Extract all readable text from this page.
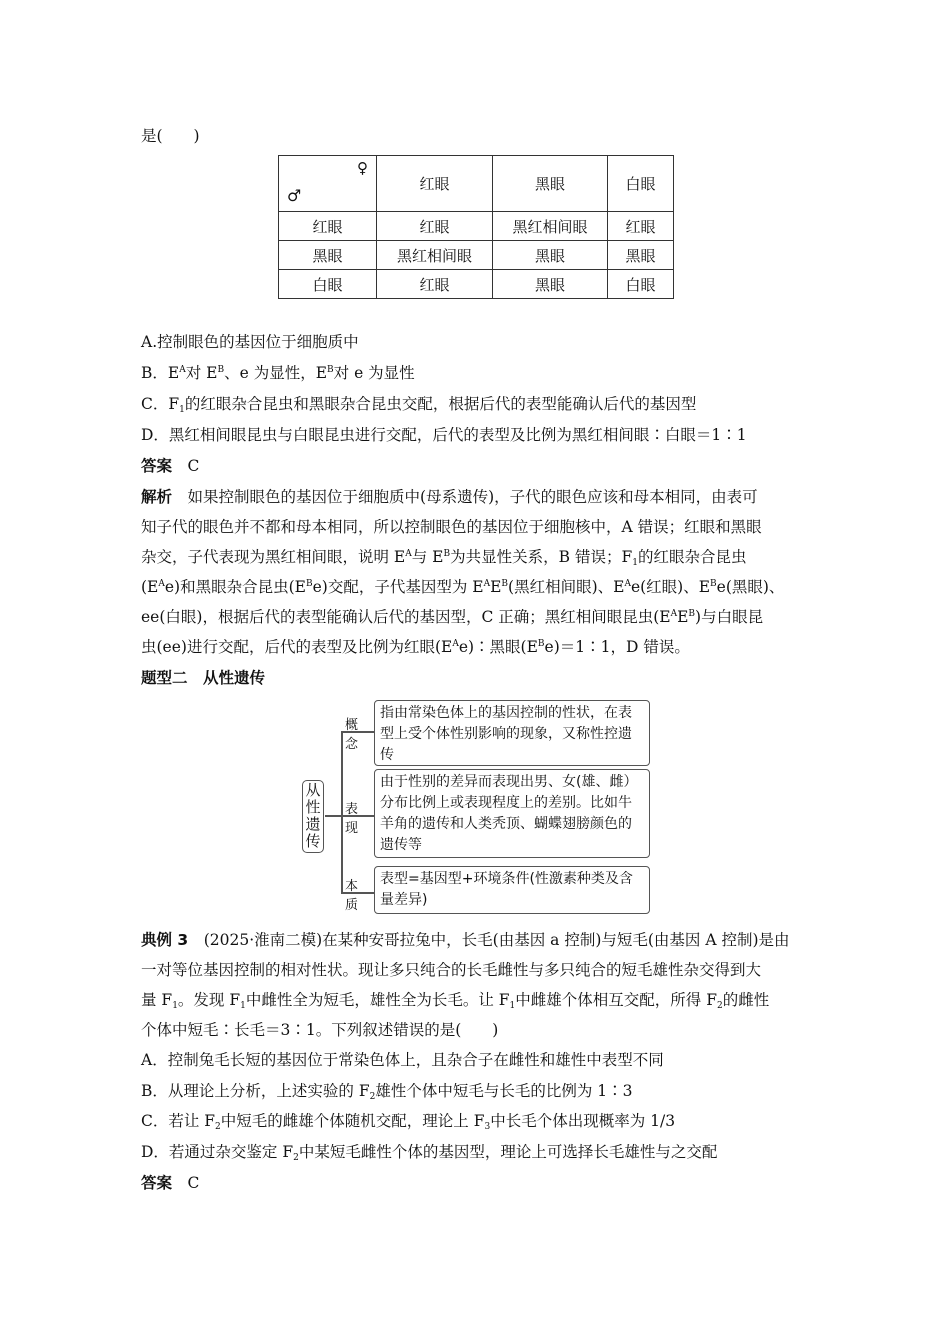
是(　　)
♀
♂	红眼	黑眼	白眼
红眼	红眼	黑红相间眼	红眼
黑眼	黑红相间眼	黑眼	黑眼
白眼	红眼	黑眼	白眼
A.控制眼色的基因位于细胞质中
B．$E^A$对 $E^B$、e 为显性，$E^B$对 e 为显性
C．$F_1$的红眼杂合昆虫和黑眼杂合昆虫交配，根据后代的表型能确认后代的基因型
D．黑红相间眼昆虫与白眼昆虫进行交配，后代的表型及比例为黑红相间眼∶白眼＝1∶1
答案　 C
解析　 如果控制眼色的基因位于细胞质中(母系遗传)，子代的眼色应该和母本相同，由表可
知子代的眼色并不都和母本相同，所以控制眼色的基因位于细胞核中，A 错误；红眼和黑眼
杂交，子代表现为黑红相间眼，说明 $E^A$与 $E^B$为共显性关系，B 错误；$F_1$的红眼杂合昆虫
$(E^Ae)$和黑眼杂合昆虫$(E^Be)$交配，子代基因型为 $E^AE^B$(黑红相间眼)、$E^Ae$(红眼)、$E^Be$(黑眼)、
ee(白眼)，根据后代的表型能确认后代的基因型，C 正确；黑红相间眼昆虫$(E^AE^B)$与白眼昆
虫(ee)进行交配，后代的表型及比例为红眼$(E^Ae)∶$黑眼$(E^Be)=1∶1$，D 错误。
题型二　从性遗传
从
性
遗
传
概念
表现
本质
指由常染色体上的基因控制的性状，在表型上受个体性别影响的现象，又称性控遗传
由于性别的差异而表现出男、女(雄、雌）分布比例上或表现程度上的差别。比如牛羊角的遗传和人类秃顶、蝴蝶翅膀颜色的遗传等
表型=基因型+环境条件(性激素种类及含量差异)
典例 3　 (2025·淮南二模)在某种安哥拉兔中，长毛(由基因 a 控制)与短毛(由基因 A 控制)是由
一对等位基因控制的相对性状。现让多只纯合的长毛雌性与多只纯合的短毛雄性杂交得到大
量 $F_1$。发现 $F_1$中雌性全为短毛，雄性全为长毛。让 $F_1$中雌雄个体相互交配，所得 $F_2$的雌性
个体中短毛∶长毛＝3∶1。下列叙述错误的是(　　)
A．控制兔毛长短的基因位于常染色体上，且杂合子在雌性和雄性中表型不同
B．从理论上分析，上述实验的 $F_2$雄性个体中短毛与长毛的比例为 1∶3
C．若让 $F_2$中短毛的雌雄个体随机交配，理论上 $F_3$中长毛个体出现概率为 1/3
D．若通过杂交鉴定 $F_2$中某短毛雌性个体的基因型，理论上可选择长毛雄性与之交配
答案　 C
